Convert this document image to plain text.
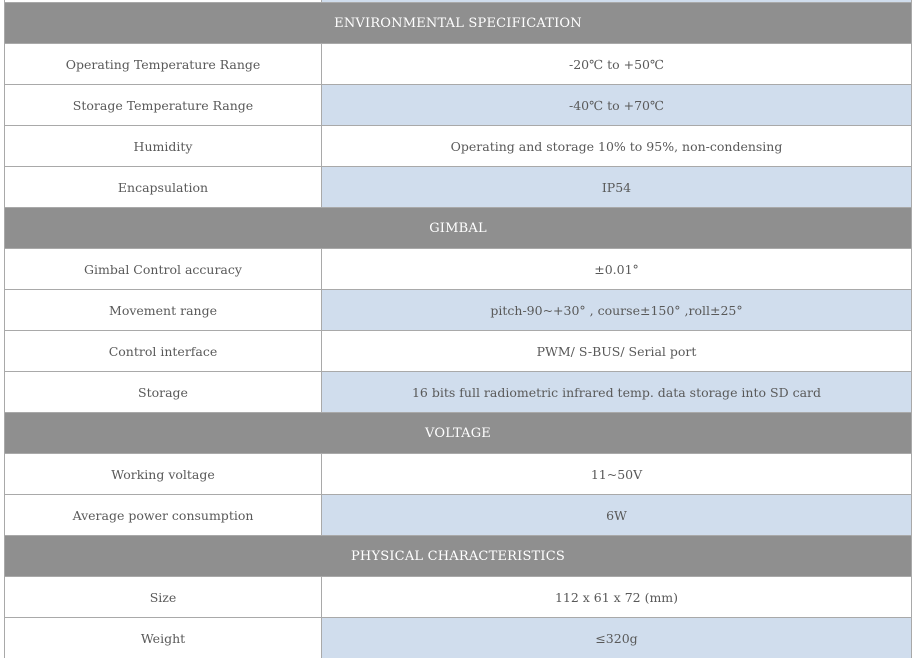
ENVIRONMENTAL SPECIFICATION	
Operating Temperature Range	-20℃ to +50℃
Storage Temperature Range	-40℃ to +70℃
Humidity	Operating and storage 10% to 95%, non-condensing
Encapsulation	IP54
GIMBAL	
Gimbal Control accuracy	±0.01°
Movement range	pitch-90~+30° , course±150° ,roll±25°
Control interface	PWM/ S-BUS/ Serial port
Storage	16 bits full radiometric infrared temp. data storage into SD card
VOLTAGE	
Working voltage	11~50V
Average power consumption	6W
PHYSICAL CHARACTERISTICS	
Size	112 x 61 x 72 (mm)
Weight	≤320g
